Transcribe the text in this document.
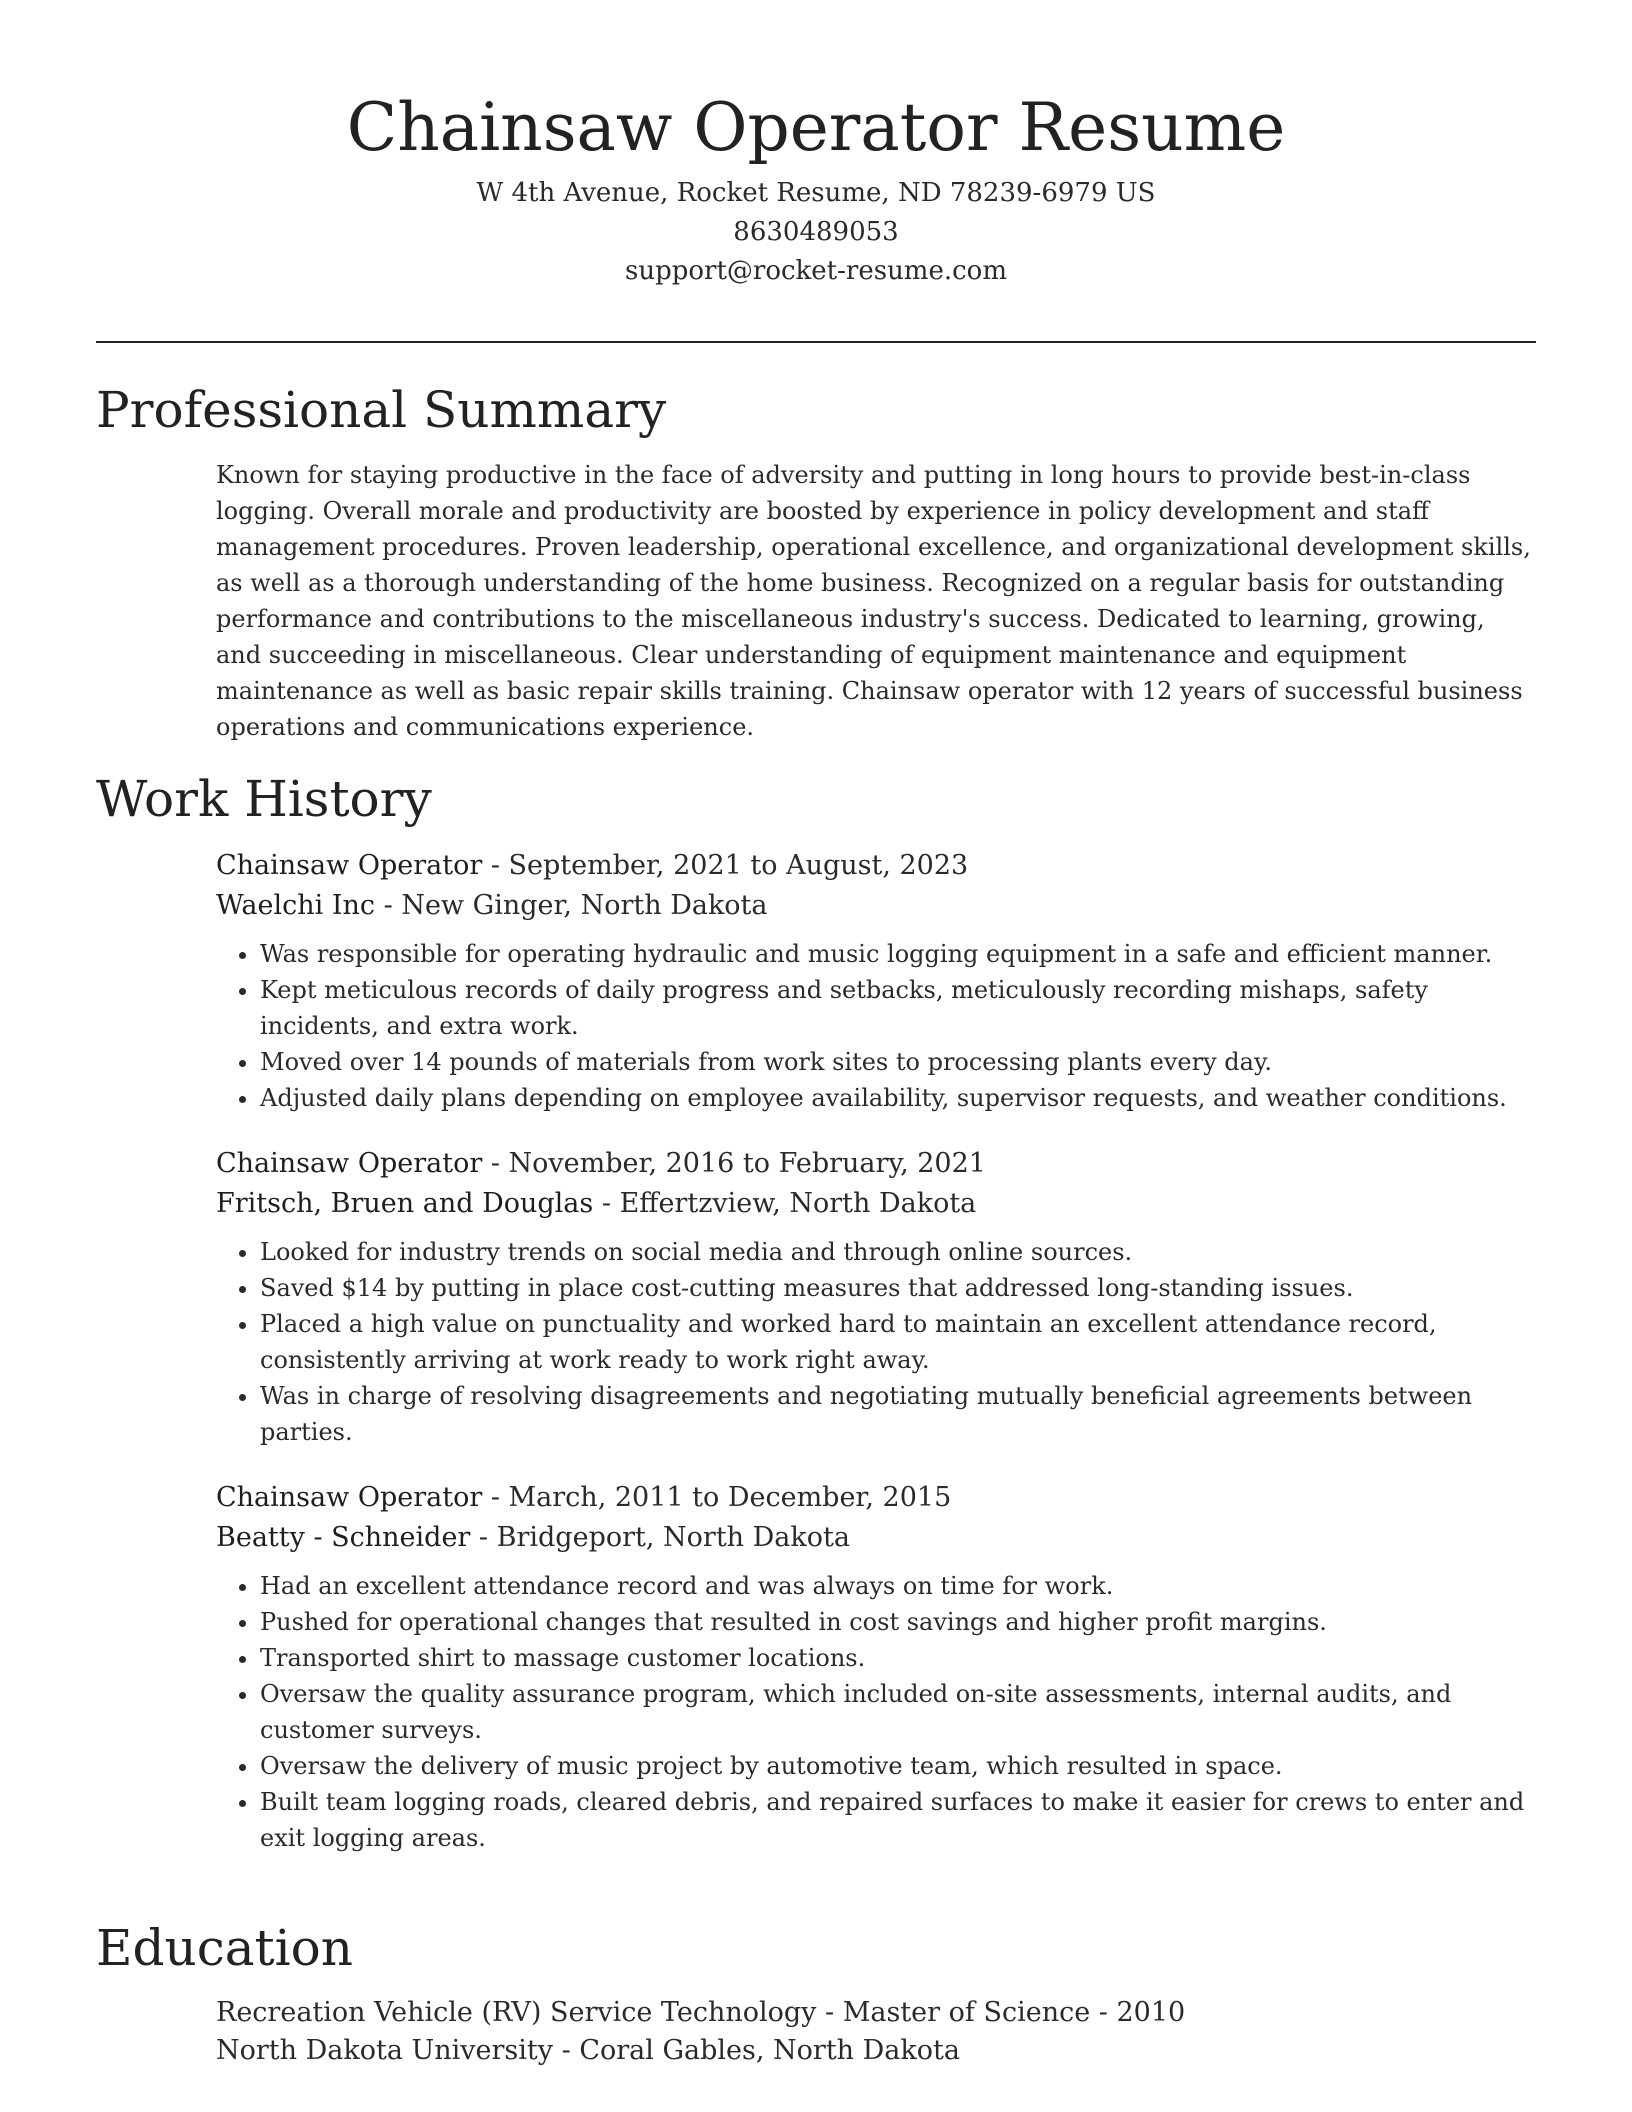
Chainsaw Operator Resume
W 4th Avenue, Rocket Resume, ND 78239-6979 US
8630489053
support@rocket-resume.com
Professional Summary

Known for staying productive in the face of adversity and putting in long hours to provide best-in-class logging. Overall morale and productivity are boosted by experience in policy development and staff management procedures. Proven leadership, operational excellence, and organizational development skills, as well as a thorough understanding of the home business. Recognized on a regular basis for outstanding performance and contributions to the miscellaneous industry's success. Dedicated to learning, growing, and succeeding in miscellaneous. Clear understanding of equipment maintenance and equipment maintenance as well as basic repair skills training. Chainsaw operator with 12 years of successful business operations and communications experience.

Work History
Chainsaw Operator - September, 2021 to August, 2023
Waelchi Inc - New Ginger, North Dakota
• Was responsible for operating hydraulic and music logging equipment in a safe and efficient manner.
• Kept meticulous records of daily progress and setbacks, meticulously recording mishaps, safety incidents, and extra work.
• Moved over 14 pounds of materials from work sites to processing plants every day.
• Adjusted daily plans depending on employee availability, supervisor requests, and weather conditions.
Chainsaw Operator - November, 2016 to February, 2021
Fritsch, Bruen and Douglas - Effertzview, North Dakota
• Looked for industry trends on social media and through online sources.
• Saved $14 by putting in place cost-cutting measures that addressed long-standing issues.
• Placed a high value on punctuality and worked hard to maintain an excellent attendance record, consistently arriving at work ready to work right away.
• Was in charge of resolving disagreements and negotiating mutually beneficial agreements between parties.
Chainsaw Operator - March, 2011 to December, 2015
Beatty - Schneider - Bridgeport, North Dakota
• Had an excellent attendance record and was always on time for work.
• Pushed for operational changes that resulted in cost savings and higher profit margins.
• Transported shirt to massage customer locations.
• Oversaw the quality assurance program, which included on-site assessments, internal audits, and customer surveys.
• Oversaw the delivery of music project by automotive team, which resulted in space.
• Built team logging roads, cleared debris, and repaired surfaces to make it easier for crews to enter and exit logging areas.
Education
Recreation Vehicle (RV) Service Technology - Master of Science - 2010
North Dakota University - Coral Gables, North Dakota
